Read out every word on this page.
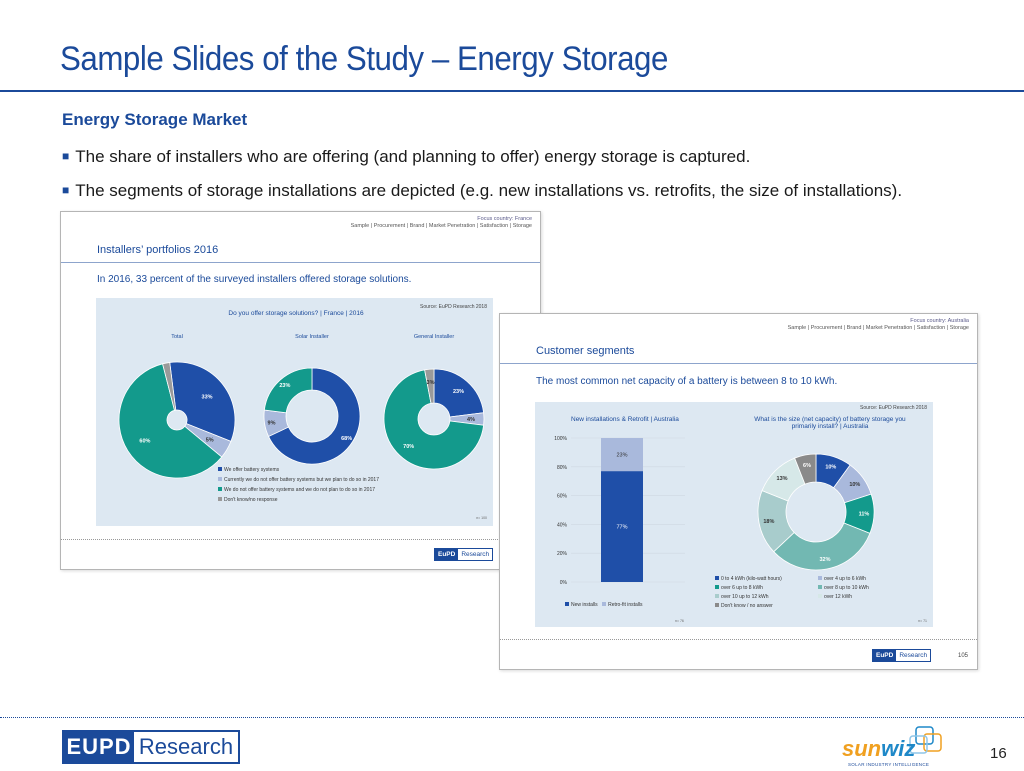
Sample Slides of the Study – Energy Storage
Energy Storage Market
■ The share of installers who are offering (and planning to offer) energy storage is captured.
■ The segments of storage installations are depicted (e.g. new installations vs. retrofits, the size of installations).
Focus country: France
Sample | Procurement | Brand | Market Penetration | Satisfaction | Storage
Installers’ portfolios 2016
In 2016, 33 percent of the surveyed installers offered storage solutions.
Source: EuPD Research 2018
Do you offer storage solutions? | France | 2016
33%
5%
60%
Total
68%
9%
23%
Solar Installer
23%
4%
70%
3%
General Installer
We offer battery systems
Currently we do not offer battery systems but we plan to do so in 2017
We do not offer battery systems and we do not plan to do so in 2017
Don't know/no response
n= 100
EuPD Research
Focus country: Australia
Sample | Procurement | Brand | Market Penetration | Satisfaction | Storage
Customer segments
The most common net capacity of a battery is between 8 to 10 kWh.
Source: EuPD Research 2018
New installations & Retrofit | Australia	What is the size (net capacity) of battery storage you primarily install? | Australia
0%
20%
40%
60%
80%
100%
77%
23%
10%
10%
11%
32%
18%
13%
6%
New installs Retro-fit installs
0 to 4 kWh (kilo-watt hours)	over 4 up to 6 kWh
over 6 up to 8 kWh	over 8 up to 10 kWh
over 10 up to 12 kWh	over 12 kWh
Don't know / no answer
n= 76	n= 71
EuPD Research	105
EUPD Research	sunwiz
SOLAR INDUSTRY INTELLIGENCE
16
